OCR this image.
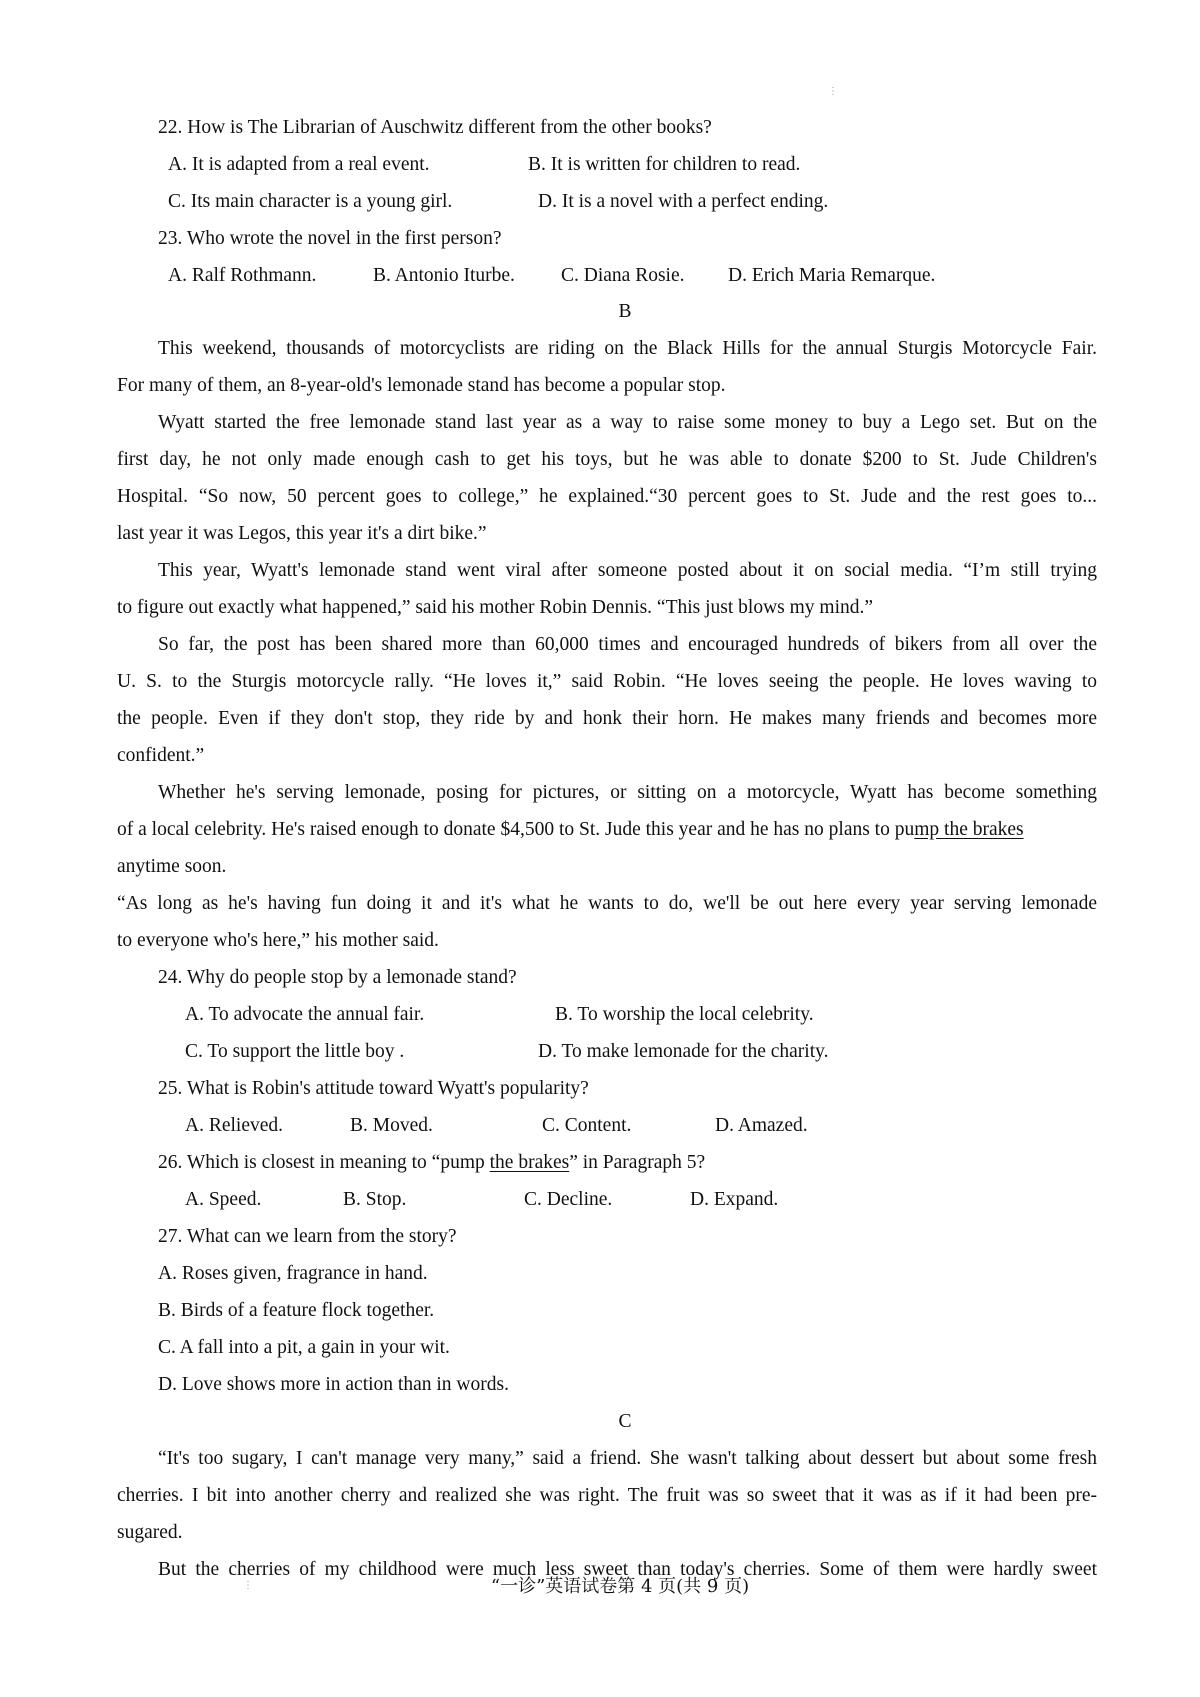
⋮
⋮
22. How is The Librarian of Auschwitz different from the other books?
A. It is adapted from a real event.	B. It is written for children to read.
C. Its main character is a young girl.	D. It is a novel with a perfect ending.
23. Who wrote the novel in the first person?
A. Ralf Rothmann.	B. Antonio Iturbe. C. Diana Rosie. D. Erich Maria Remarque.
B
This weekend, thousands of motorcyclists are riding on the Black Hills for the annual Sturgis Motorcycle Fair.
For many of them, an 8-year-old's lemonade stand has become a popular stop.
Wyatt started the free lemonade stand last year as a way to raise some money to buy a Lego set. But on the
first day, he not only made enough cash to get his toys, but he was able to donate $200 to St. Jude Children's
Hospital. “So now, 50 percent goes to college,” he explained.“30 percent goes to St. Jude and the rest goes to...
last year it was Legos, this year it's a dirt bike.”
This year, Wyatt's lemonade stand went viral after someone posted about it on social media. “I’m still trying
to figure out exactly what happened,” said his mother Robin Dennis. “This just blows my mind.”
So far, the post has been shared more than 60,000 times and encouraged hundreds of bikers from all over the
U. S. to the Sturgis motorcycle rally. “He loves it,” said Robin. “He loves seeing the people. He loves waving to
the people. Even if they don't stop, they ride by and honk their horn. He makes many friends and becomes more
confident.”
Whether he's serving lemonade, posing for pictures, or sitting on a motorcycle, Wyatt has become something
of a local celebrity. He's raised enough to donate $4,500 to St. Jude this year and he has no plans to pump the brakes
anytime soon.
“As long as he's having fun doing it and it's what he wants to do, we'll be out here every year serving lemonade
to everyone who's here,” his mother said.
24. Why do people stop by a lemonade stand?
A. To advocate the annual fair.	B. To worship the local celebrity.
C. To support the little boy .	D. To make lemonade for the charity.
25. What is Robin's attitude toward Wyatt's popularity?
A. Relieved.	B. Moved.	C. Content.	D. Amazed.
26. Which is closest in meaning to “pump the brakes” in Paragraph 5?
A. Speed.	B. Stop.	C. Decline.	D. Expand.
27. What can we learn from the story?
A. Roses given, fragrance in hand.
B. Birds of a feature flock together.
C. A fall into a pit, a gain in your wit.
D. Love shows more in action than in words.
C
“It's too sugary, I can't manage very many,” said a friend. She wasn't talking about dessert but about some fresh
cherries. I bit into another cherry and realized she was right. The fruit was so sweet that it was as if it had been pre-
sugared.
But the cherries of my childhood were much less sweet than today's cherries. Some of them were hardly sweet
“一诊”英语试卷第 4 页(共 9 页)
